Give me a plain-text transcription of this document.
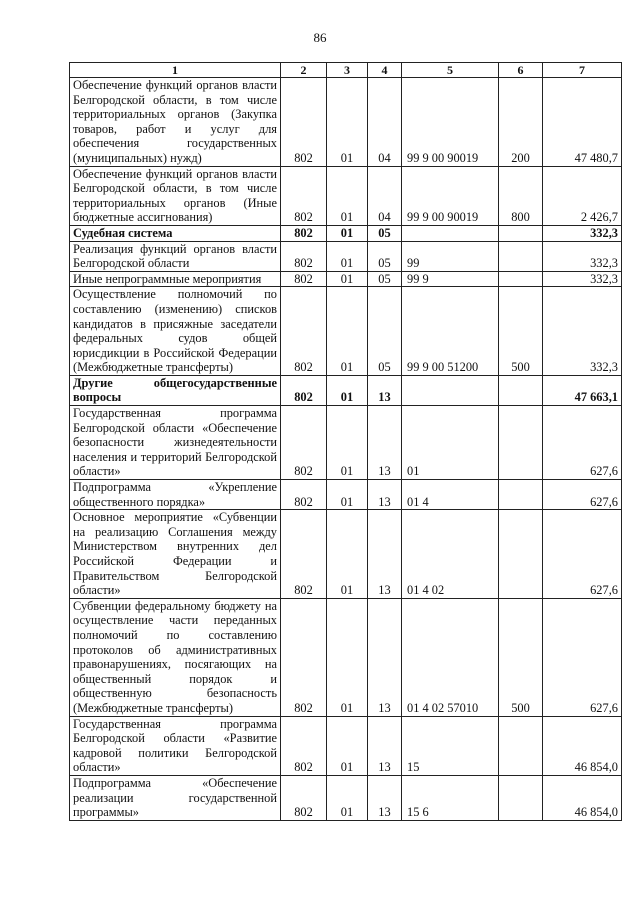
86
1	2	3	4	5	6	7
Обеспечение функций органов власти Белгородской области, в том числе территориальных органов (Закупка товаров, работ и услуг для обеспечения государственных (муниципальных) нужд)	802	01	04	99 9 00 90019	200	47 480,7
Обеспечение функций органов власти Белгородской области, в том числе территориальных органов (Иные бюджетные ассигнования)	802	01	04	99 9 00 90019	800	2 426,7
Судебная система	802	01	05			332,3
Реализация функций органов власти Белгородской области	802	01	05	99		332,3
Иные непрограммные мероприятия	802	01	05	99 9		332,3
Осуществление полномочий по составлению (изменению) списков кандидатов в присяжные заседатели федеральных судов общей юрисдикции в Российской Федерации (Межбюджетные трансферты)	802	01	05	99 9 00 51200	500	332,3
Другие общегосударственные вопросы	802	01	13			47 663,1
Государственная программа Белгородской области «Обеспечение безопасности жизнедеятельности населения и территорий Белгородской области»	802	01	13	01		627,6
Подпрограмма «Укрепление общественного порядка»	802	01	13	01 4		627,6
Основное мероприятие «Субвенции на реализацию Соглашения между Министерством внутренних дел Российской Федерации и Правительством Белгородской области»	802	01	13	01 4 02		627,6
Субвенции федеральному бюджету на осуществление части переданных полномочий по составлению протоколов об административных правонарушениях, посягающих на общественный порядок и общественную безопасность (Межбюджетные трансферты)	802	01	13	01 4 02 57010	500	627,6
Государственная программа Белгородской области «Развитие кадровой политики Белгородской области»	802	01	13	15		46 854,0
Подпрограмма «Обеспечение реализации государственной программы»	802	01	13	15 6		46 854,0
